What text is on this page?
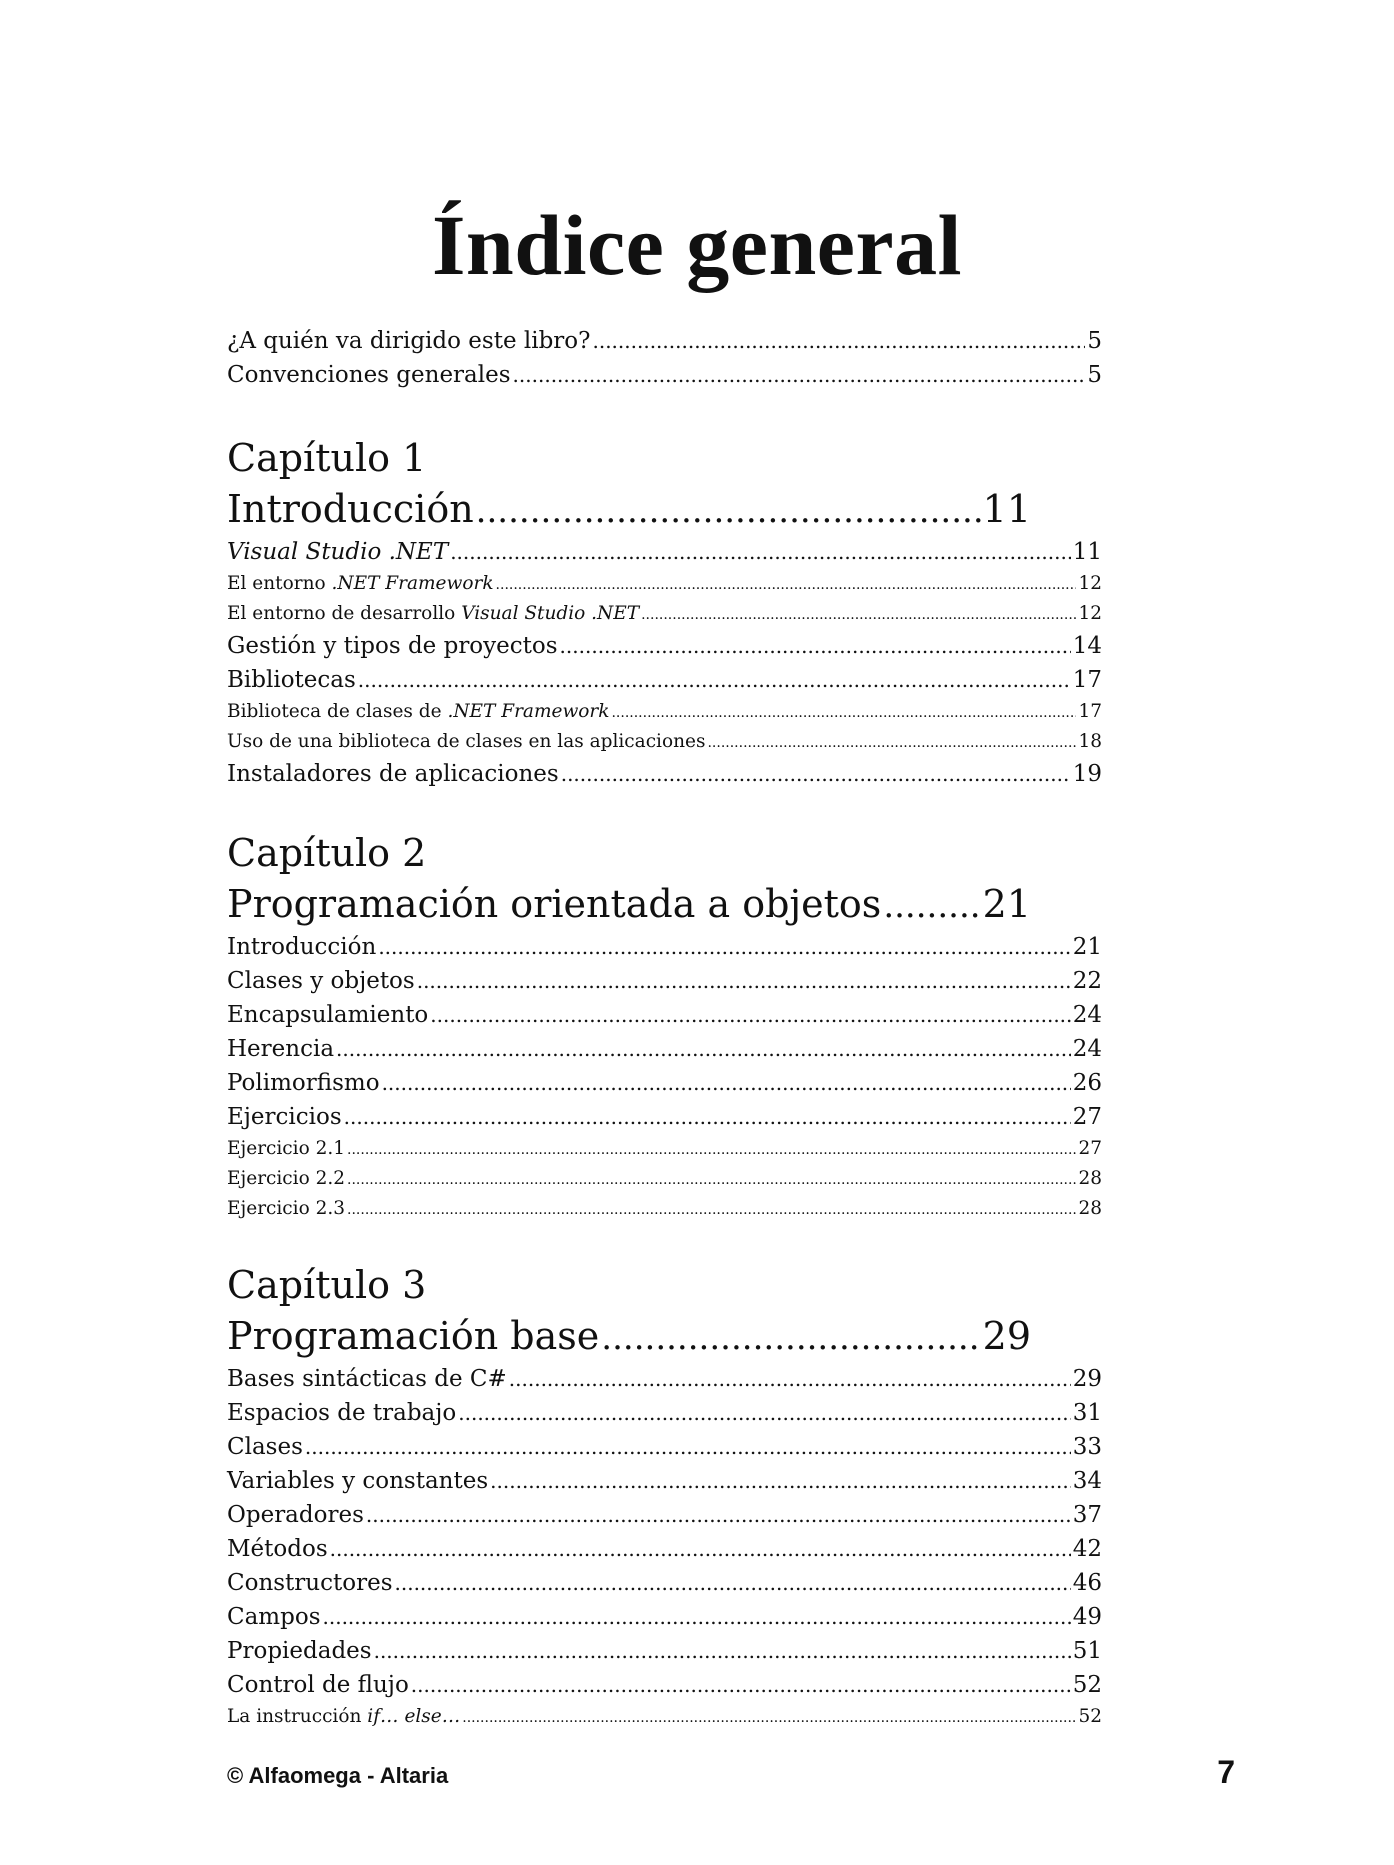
Índice general
¿A quién va dirigido este libro? .....	5
Convenciones generales .....	5
Capítulo 1
Introducción .....	11
Visual Studio .NET .....	11
El entorno .NET Framework .....	12
El entorno de desarrollo Visual Studio .NET .....	12
Gestión y tipos de proyectos .....	14
Bibliotecas .....	17
Biblioteca de clases de .NET Framework .....	17
Uso de una biblioteca de clases en las aplicaciones .....	18
Instaladores de aplicaciones .....	19
Capítulo 2
Programación orientada a objetos .....	21
Introducción .....	21
Clases y objetos .....	22
Encapsulamiento .....	24
Herencia .....	24
Polimorfismo .....	26
Ejercicios .....	27
Ejercicio 2.1 .....	27
Ejercicio 2.2 .....	28
Ejercicio 2.3 .....	28
Capítulo 3
Programación base .....	29
Bases sintácticas de C# .....	29
Espacios de trabajo .....	31
Clases .....	33
Variables y constantes .....	34
Operadores .....	37
Métodos .....	42
Constructores .....	46
Campos .....	49
Propiedades .....	51
Control de flujo .....	52
La instrucción if… else… .....	52
© Alfaomega - Altaria	7
